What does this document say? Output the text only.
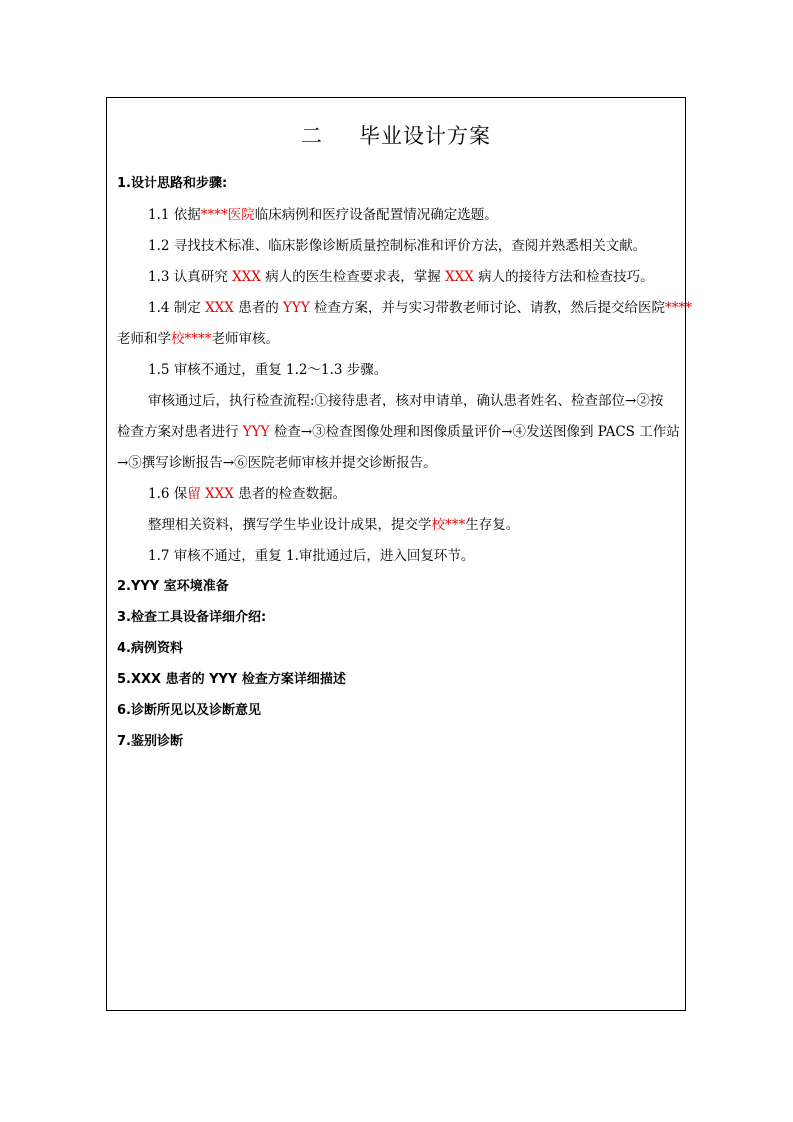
二 毕业设计方案
1.设计思路和步骤:
1.1 依据****医院临床病例和医疗设备配置情况确定选题。
1.2 寻找技术标准、临床影像诊断质量控制标准和评价方法，查阅并熟悉相关文献。
1.3 认真研究 XXX 病人的医生检查要求表，掌握 XXX 病人的接待方法和检查技巧。
1.4 制定 XXX 患者的 YYY 检查方案，并与实习带教老师讨论、请教，然后提交给医院****
老师和学校****老师审核。
1.5 审核不通过，重复 1.2～1.3 步骤。
审核通过后，执行检查流程:①接待患者，核对申请单，确认患者姓名、检查部位→②按
检查方案对患者进行 YYY 检查→③检查图像处理和图像质量评价→④发送图像到 PACS 工作站
→⑤撰写诊断报告→⑥医院老师审核并提交诊断报告。
1.6 保留 XXX 患者的检查数据。
整理相关资料，撰写学生毕业设计成果，提交学校***生存复。
1.7 审核不通过，重复 1.审批通过后，进入回复环节。
2.YYY 室环境准备
3.检查工具设备详细介绍:
4.病例资料
5.XXX 患者的 YYY 检查方案详细描述
6.诊断所见以及诊断意见
7.鉴别诊断
